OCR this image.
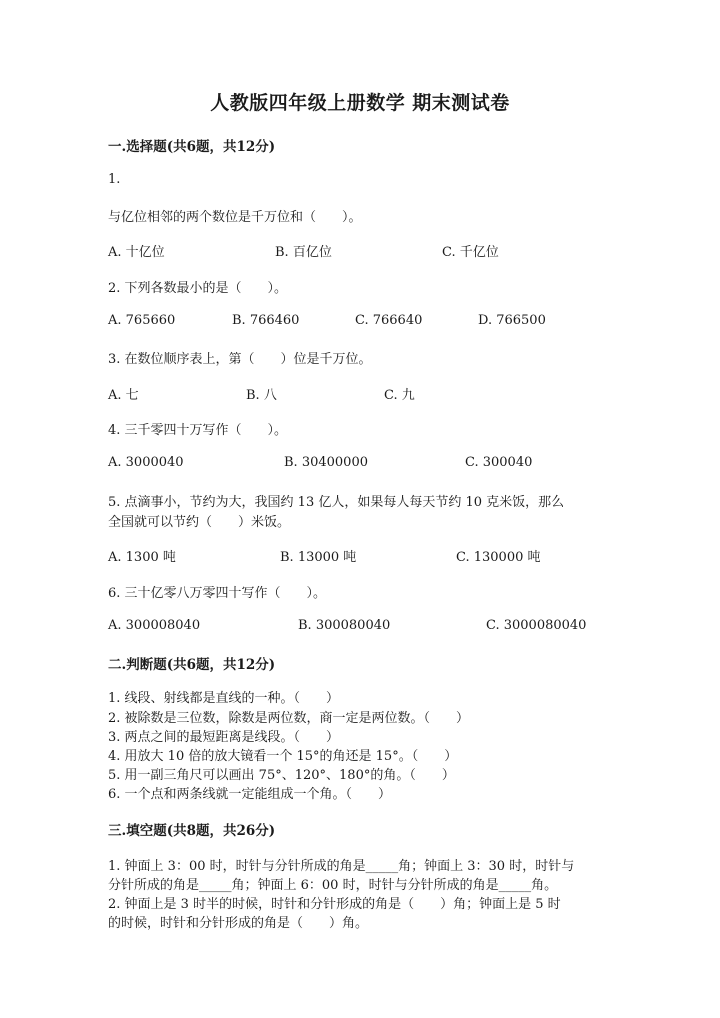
人教版四年级上册数学 期末测试卷
一.选择题(共6题，共12分)
1.
与亿位相邻的两个数位是千万位和（　　）。
A. 十亿位	B. 百亿位	C. 千亿位
2. 下列各数最小的是（　　）。
A. 765660	B. 766460	C. 766640	D. 766500
3. 在数位顺序表上，第（　　）位是千万位。
A. 七	B. 八	C. 九
4. 三千零四十万写作（　　）。
A. 3000040	B. 30400000	C. 300040
5. 点滴事小，节约为大，我国约 13 亿人，如果每人每天节约 10 克米饭，那么
全国就可以节约（　　）米饭。
A. 1300 吨	B. 13000 吨	C. 130000 吨
6. 三十亿零八万零四十写作（　　）。
A. 300008040	B. 300080040	C. 3000080040
二.判断题(共6题，共12分)
1. 线段、射线都是直线的一种。（　　）
2. 被除数是三位数，除数是两位数，商一定是两位数。（　　）
3. 两点之间的最短距离是线段。（　　）
4. 用放大 10 倍的放大镜看一个 15°的角还是 15°。（　　）
5. 用一副三角尺可以画出 75°、120°、180°的角。（　　）
6. 一个点和两条线就一定能组成一个角。（　　）
三.填空题(共8题，共26分)
1. 钟面上 3：00 时，时针与分针所成的角是_____角；钟面上 3：30 时，时针与
分针所成的角是_____角；钟面上 6：00 时，时针与分针所成的角是_____角。
2. 钟面上是 3 时半的时候，时针和分针形成的角是（　　）角；钟面上是 5 时
的时候，时针和分针形成的角是（　　）角。
